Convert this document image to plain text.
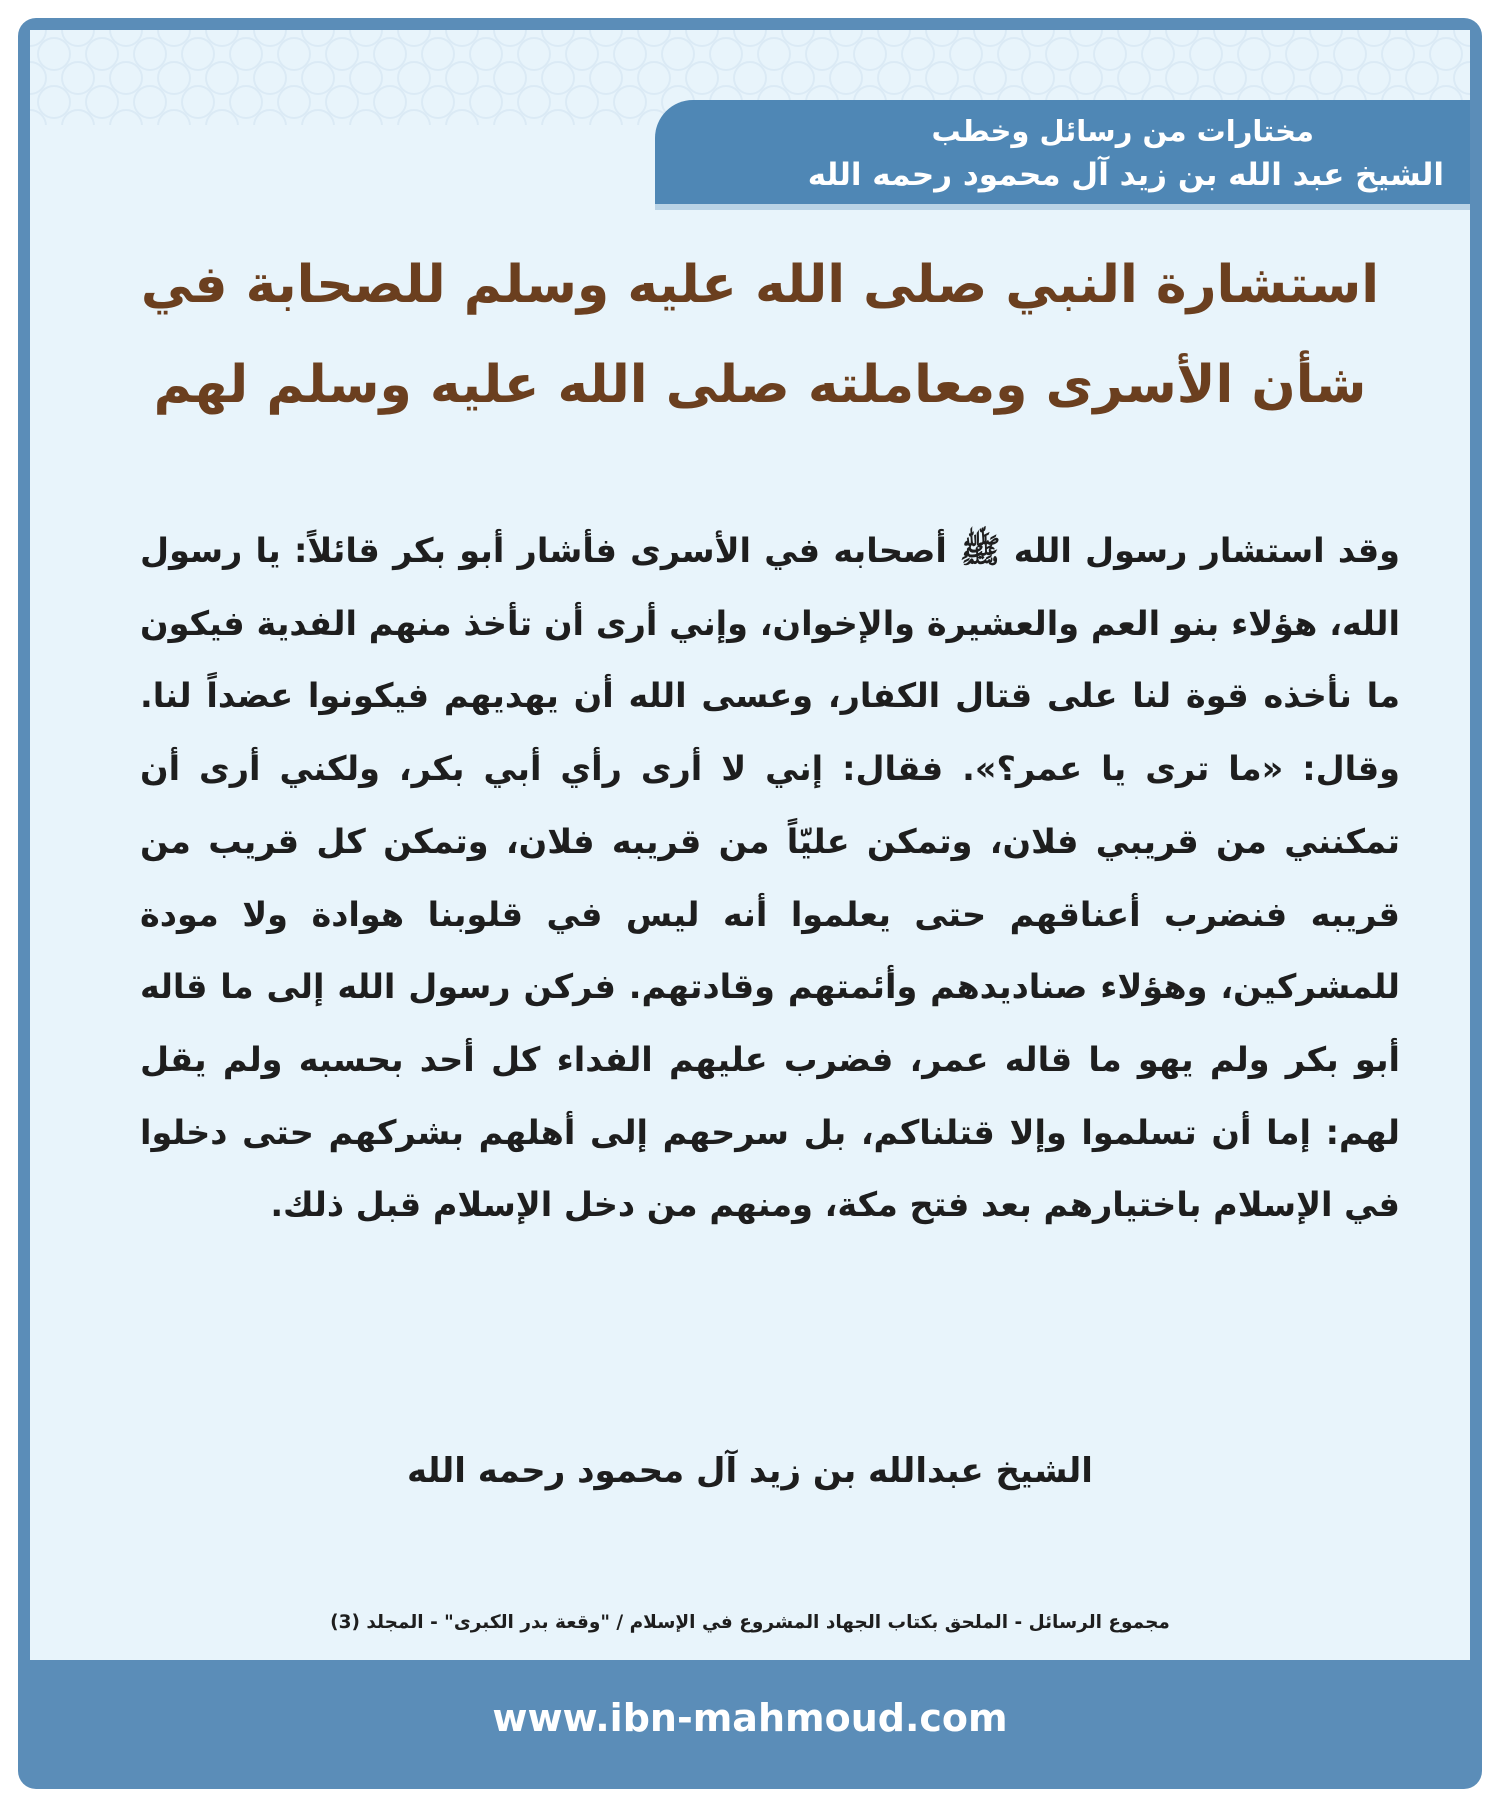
مختارات من رسائل وخطب
الشيخ عبد الله بن زيد آل محمود رحمه الله
استشارة النبي صلى الله عليه وسلم للصحابة في شأن الأسرى ومعاملته صلى الله عليه وسلم لهم

وقد استشار رسول الله ﷺ أصحابه في الأسرى فأشار أبو بكر قائلاً: يا رسول الله، هؤلاء بنو العم والعشيرة والإخوان، وإني أرى أن تأخذ منهم الفدية فيكون ما نأخذه قوة لنا على قتال الكفار، وعسى الله أن يهديهم فيكونوا عضداً لنا. وقال: «ما ترى يا عمر؟». فقال: إني لا أرى رأي أبي بكر، ولكني أرى أن تمكنني من قريبي فلان، وتمكن عليّاً من قريبه فلان، وتمكن كل قريب من قريبه فنضرب أعناقهم حتى يعلموا أنه ليس في قلوبنا هوادة ولا مودة للمشركين، وهؤلاء صناديدهم وأئمتهم وقادتهم. فركن رسول الله إلى ما قاله أبو بكر ولم يهو ما قاله عمر، فضرب عليهم الفداء كل أحد بحسبه ولم يقل لهم: إما أن تسلموا وإلا قتلناكم، بل سرحهم إلى أهلهم بشركهم حتى دخلوا في الإسلام باختيارهم بعد فتح مكة، ومنهم من دخل الإسلام قبل ذلك.

الشيخ عبدالله بن زيد آل محمود رحمه الله
مجموع الرسائل - الملحق بكتاب الجهاد المشروع في الإسلام / "وقعة بدر الكبرى" - المجلد (3)
www.ibn-mahmoud.com
